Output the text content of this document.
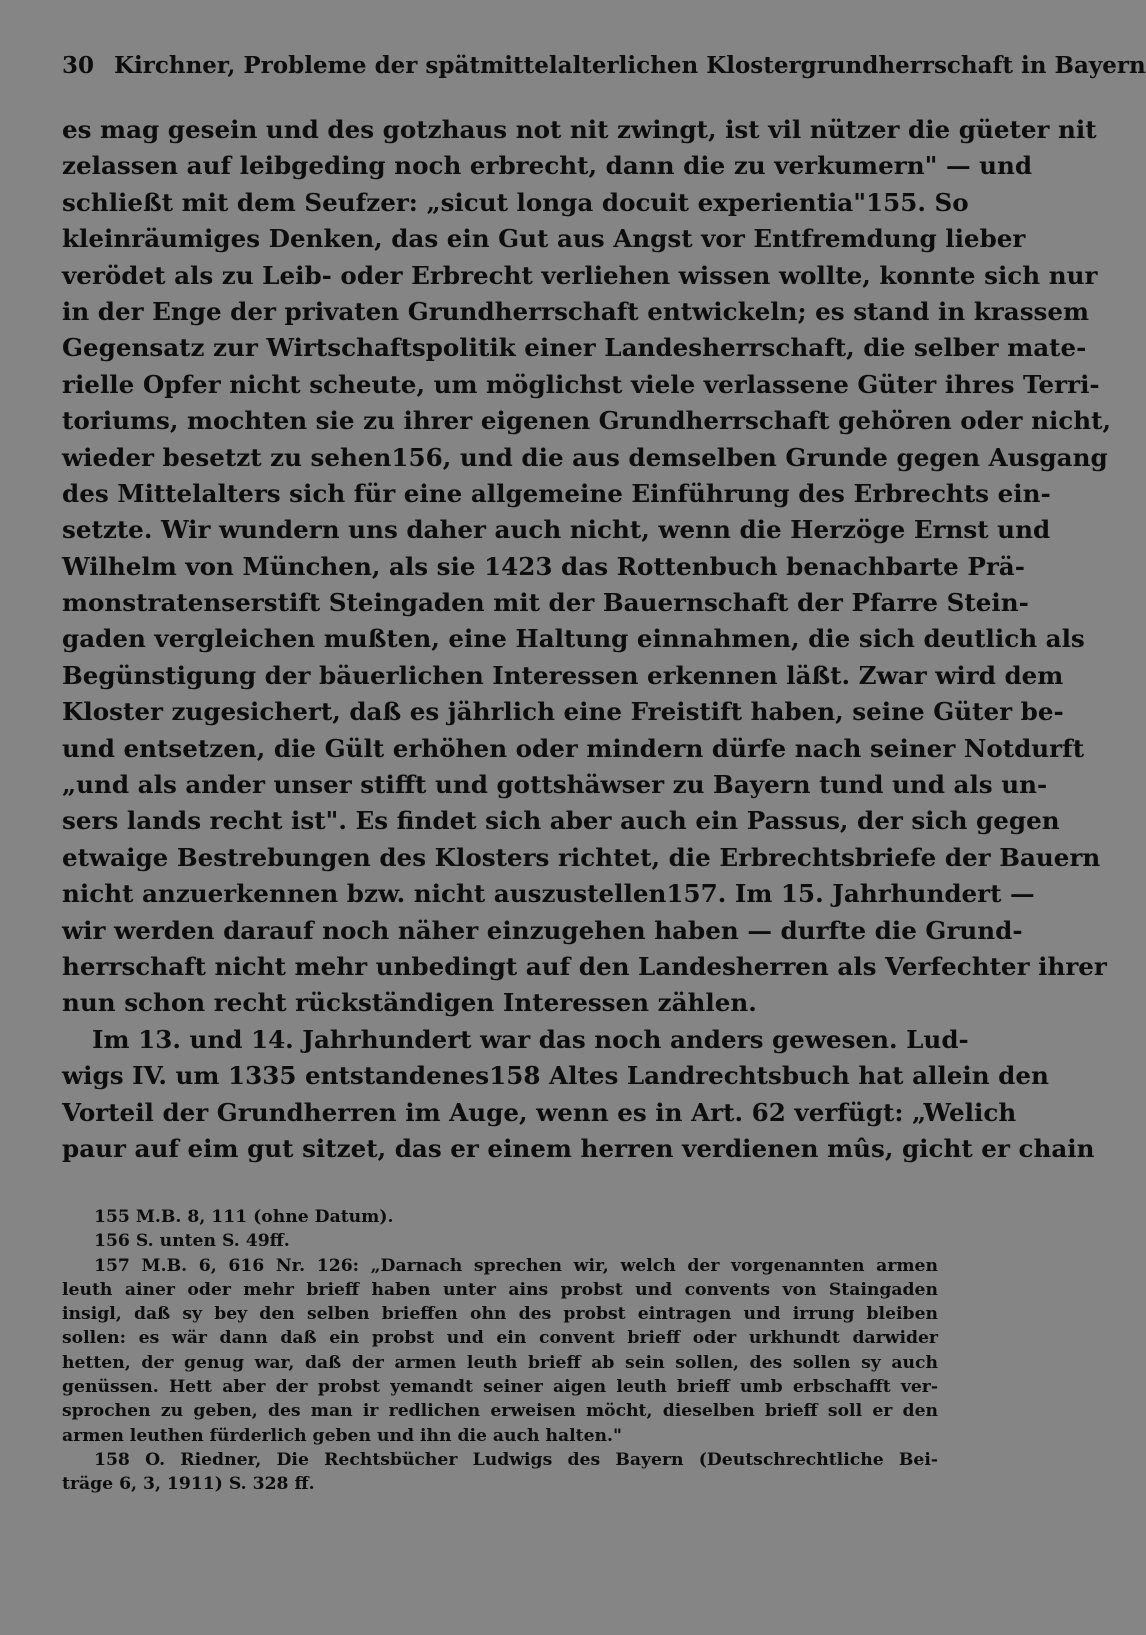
30 Kirchner, Probleme der spätmittelalterlichen Klostergrundherrschaft in Bayern
es mag gesein und des gotzhaus not nit zwingt, ist vil nützer die güeter nit
zelassen auf leibgeding noch erbrecht, dann die zu verkumern" — und
schließt mit dem Seufzer: „sicut longa docuit experientia"155. So
kleinräumiges Denken, das ein Gut aus Angst vor Entfremdung lieber
verödet als zu Leib- oder Erbrecht verliehen wissen wollte, konnte sich nur
in der Enge der privaten Grundherrschaft entwickeln; es stand in krassem
Gegensatz zur Wirtschaftspolitik einer Landesherrschaft, die selber mate-
rielle Opfer nicht scheute, um möglichst viele verlassene Güter ihres Terri-
toriums, mochten sie zu ihrer eigenen Grundherrschaft gehören oder nicht,
wieder besetzt zu sehen156, und die aus demselben Grunde gegen Ausgang
des Mittelalters sich für eine allgemeine Einführung des Erbrechts ein-
setzte. Wir wundern uns daher auch nicht, wenn die Herzöge Ernst und
Wilhelm von München, als sie 1423 das Rottenbuch benachbarte Prä-
monstratenserstift Steingaden mit der Bauernschaft der Pfarre Stein-
gaden vergleichen mußten, eine Haltung einnahmen, die sich deutlich als
Begünstigung der bäuerlichen Interessen erkennen läßt. Zwar wird dem
Kloster zugesichert, daß es jährlich eine Freistift haben, seine Güter be-
und entsetzen, die Gült erhöhen oder mindern dürfe nach seiner Notdurft
„und als ander unser stifft und gottshäwser zu Bayern tund und als un-
sers lands recht ist". Es findet sich aber auch ein Passus, der sich gegen
etwaige Bestrebungen des Klosters richtet, die Erbrechtsbriefe der Bauern
nicht anzuerkennen bzw. nicht auszustellen157. Im 15. Jahrhundert —
wir werden darauf noch näher einzugehen haben — durfte die Grund-
herrschaft nicht mehr unbedingt auf den Landesherren als Verfechter ihrer
nun schon recht rückständigen Interessen zählen.
Im 13. und 14. Jahrhundert war das noch anders gewesen. Lud-
wigs IV. um 1335 entstandenes158 Altes Landrechtsbuch hat allein den
Vorteil der Grundherren im Auge, wenn es in Art. 62 verfügt: „Welich
paur auf eim gut sitzet, das er einem herren verdienen mûs, gicht er chain
155 M.B. 8, 111 (ohne Datum).
156 S. unten S. 49ff.
157 M.B. 6, 616 Nr. 126: „Darnach sprechen wir, welch der vorgenannten armen
leuth ainer oder mehr brieff haben unter ains probst und convents von Staingaden
insigl, daß sy bey den selben brieffen ohn des probst eintragen und irrung bleiben
sollen: es wär dann daß ein probst und ein convent brieff oder urkhundt darwider
hetten, der genug war, daß der armen leuth brieff ab sein sollen, des sollen sy auch
genüssen. Hett aber der probst yemandt seiner aigen leuth brieff umb erbschafft ver-
sprochen zu geben, des man ir redlichen erweisen möcht, dieselben brieff soll er den
armen leuthen fürderlich geben und ihn die auch halten."
158 O. Riedner, Die Rechtsbücher Ludwigs des Bayern (Deutschrechtliche Bei-
träge 6, 3, 1911) S. 328 ff.
